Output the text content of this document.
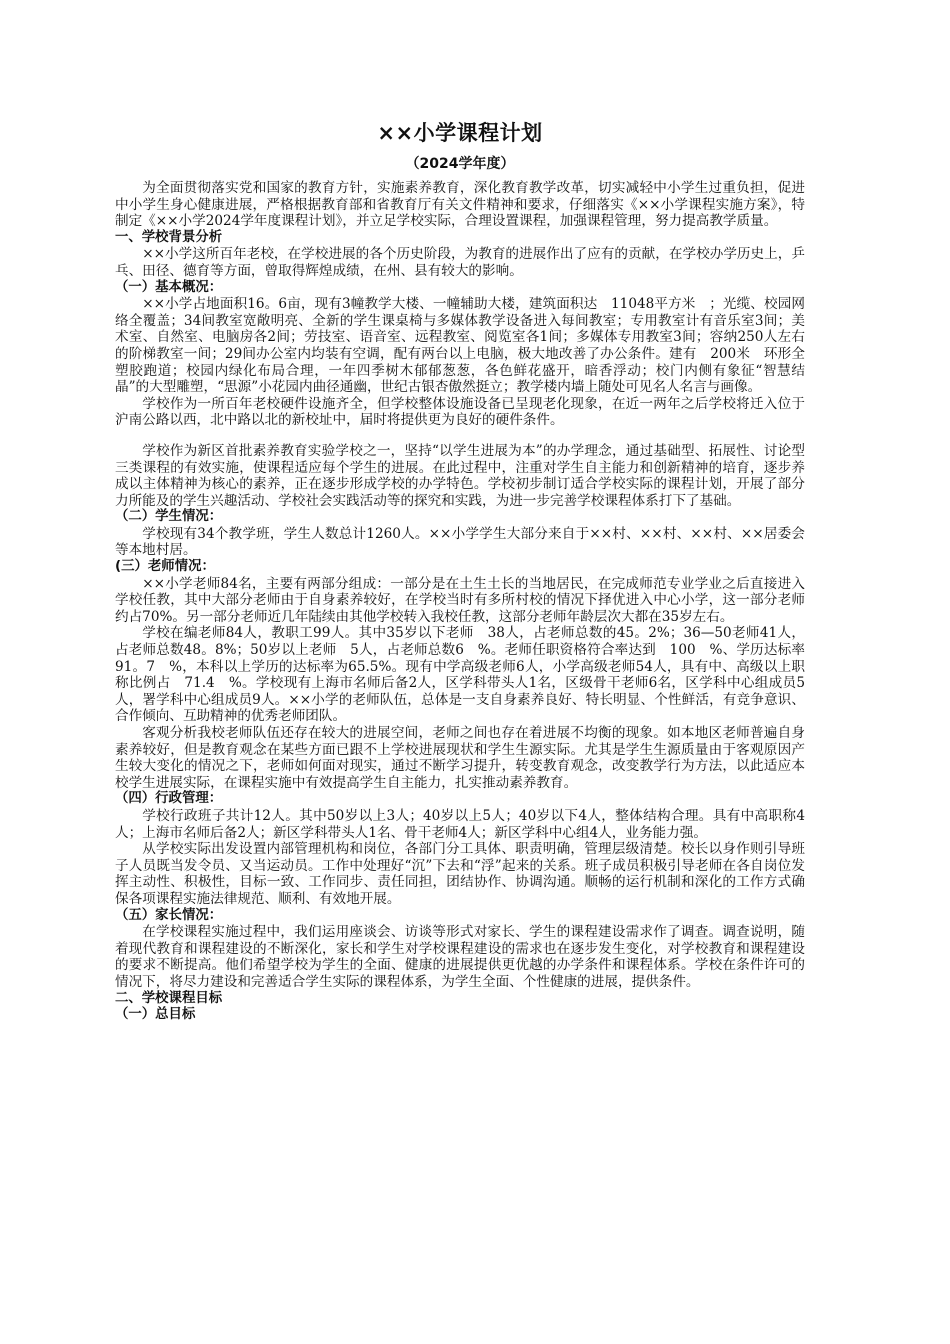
××小学课程计划
（2024学年度）

为全面贯彻落实党和国家的教育方针，实施素养教育，深化教育教学改革，切实减轻中小学生过重负担，促进中小学生身心健康进展，严格根据教育部和省教育厅有关文件精神和要求，仔细落实《××小学课程实施方案》，特制定《××小学2024学年度课程计划》，并立足学校实际，合理设置课程，加强课程管理，努力提高教学质量。

一、学校背景分析

××小学这所百年老校，在学校进展的各个历史阶段，为教育的进展作出了应有的贡献，在学校办学历史上，乒乓、田径、德育等方面，曾取得辉煌成绩，在州、县有较大的影响。

（一）基本概况：

××小学占地面积16。6亩，现有3幢教学大楼、一幢辅助大楼，建筑面积达　11048平方米　；光缆、校园网络全覆盖；34间教室宽敞明亮、全新的学生课桌椅与多媒体教学设备进入每间教室；专用教室计有音乐室3间；美术室、自然室、电脑房各2间；劳技室、语音室、远程教室、阅览室各1间；多媒体专用教室3间；容纳250人左右的阶梯教室一间；29间办公室内均装有空调，配有两台以上电脑，极大地改善了办公条件。建有　200米　环形全塑胶跑道；校园内绿化布局合理，一年四季树木郁郁葱葱，各色鲜花盛开，暗香浮动；校门内侧有象征“智慧结晶”的大型雕塑，“思源”小花园内曲径通幽，世纪古银杏傲然挺立；教学楼内墙上随处可见名人名言与画像。

学校作为一所百年老校硬件设施齐全，但学校整体设施设备已呈现老化现象，在近一两年之后学校将迁入位于沪南公路以西，北中路以北的新校址中，届时将提供更为良好的硬件条件。

学校作为新区首批素养教育实验学校之一，坚持“以学生进展为本”的办学理念，通过基础型、拓展性、讨论型三类课程的有效实施，使课程适应每个学生的进展。在此过程中，注重对学生自主能力和创新精神的培育，逐步养成以主体精神为核心的素养，正在逐步形成学校的办学特色。学校初步制订适合学校实际的课程计划，开展了部分力所能及的学生兴趣活动、学校社会实践活动等的探究和实践，为进一步完善学校课程体系打下了基础。

（二）学生情况：

学校现有34个教学班，学生人数总计1260人。××小学学生大部分来自于××村、××村、××村、××居委会等本地村居。

(三）老师情况：

××小学老师84名，主要有两部分组成：一部分是在土生土长的当地居民，在完成师范专业学业之后直接进入学校任教，其中大部分老师由于自身素养较好，在学校当时有多所村校的情况下择优进入中心小学，这一部分老师约占70%。另一部分老师近几年陆续由其他学校转入我校任教，这部分老师年龄层次大都在35岁左右。

学校在编老师84人，教职工99人。其中35岁以下老师　38人，占老师总数的45。2%；36—50老师41人，占老师总数48。8%；50岁以上老师　5人，占老师总数6　%。老师任职资格符合率达到　100　%、学历达标率　91。7　%，本科以上学历的达标率为65.5%。现有中学高级老师6人，小学高级老师54人，具有中、高级以上职称比例占　71.4　%。学校现有上海市名师后备2人，区学科带头人1名，区级骨干老师6名，区学科中心组成员5人，署学科中心组成员9人。××小学的老师队伍，总体是一支自身素养良好、特长明显、个性鲜活，有竞争意识、合作倾向、互助精神的优秀老师团队。

客观分析我校老师队伍还存在较大的进展空间，老师之间也存在着进展不均衡的现象。如本地区老师普遍自身素养较好，但是教育观念在某些方面已跟不上学校进展现状和学生生源实际。尤其是学生生源质量由于客观原因产生较大变化的情况之下，老师如何面对现实，通过不断学习提升，转变教育观念，改变教学行为方法，以此适应本校学生进展实际，在课程实施中有效提高学生自主能力，扎实推动素养教育。

（四）行政管理：

学校行政班子共计12人。其中50岁以上3人；40岁以上5人；40岁以下4人，整体结构合理。具有中高职称4人；上海市名师后备2人；新区学科带头人1名、骨干老师4人；新区学科中心组4人，业务能力强。

从学校实际出发设置内部管理机构和岗位，各部门分工具体、职责明确，管理层级清楚。校长以身作则引导班子人员既当发令员、又当运动员。工作中处理好“沉”下去和“浮”起来的关系。班子成员积极引导老师在各自岗位发挥主动性、积极性，目标一致、工作同步、责任同担，团结协作、协调沟通。顺畅的运行机制和深化的工作方式确保各项课程实施法律规范、顺利、有效地开展。

（五）家长情况：

在学校课程实施过程中，我们运用座谈会、访谈等形式对家长、学生的课程建设需求作了调查。调查说明，随着现代教育和课程建设的不断深化，家长和学生对学校课程建设的需求也在逐步发生变化，对学校教育和课程建设的要求不断提高。他们希望学校为学生的全面、健康的进展提供更优越的办学条件和课程体系。学校在条件许可的情况下，将尽力建设和完善适合学生实际的课程体系，为学生全面、个性健康的进展，提供条件。

二、学校课程目标

（一）总目标
